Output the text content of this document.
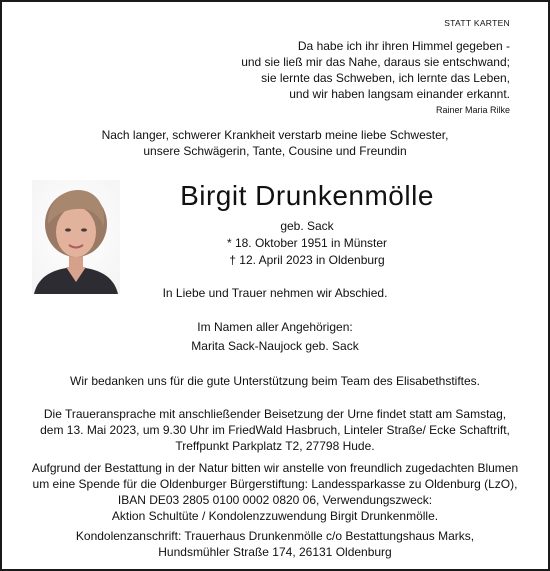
STATT KARTEN
Da habe ich ihr ihren Himmel gegeben -
und sie ließ mir das Nahe, daraus sie entschwand;
sie lernte das Schweben, ich lernte das Leben,
und wir haben langsam einander erkannt.
Rainer Maria Rilke
Nach langer, schwerer Krankheit verstarb meine liebe Schwester,
unsere Schwägerin, Tante, Cousine und Freundin
Birgit Drunkenmölle
geb. Sack
* 18. Oktober 1951 in Münster
† 12. April 2023 in Oldenburg
In Liebe und Trauer nehmen wir Abschied.
Im Namen aller Angehörigen:
Marita Sack-Naujock geb. Sack
Wir bedanken uns für die gute Unterstützung beim Team des Elisabethstiftes.
Die Traueransprache mit anschließender Beisetzung der Urne findet statt am Samstag,
dem 13. Mai 2023, um 9.30 Uhr im FriedWald Hasbruch, Linteler Straße/ Ecke Schaftrift,
Treffpunkt Parkplatz T2, 27798 Hude.
Aufgrund der Bestattung in der Natur bitten wir anstelle von freundlich zugedachten Blumen
um eine Spende für die Oldenburger Bürgerstiftung: Landessparkasse zu Oldenburg (LzO),
IBAN DE03 2805 0100 0002 0820 06, Verwendungszweck:
Aktion Schultüte / Kondolenzzuwendung Birgit Drunkenmölle.
Kondolenzanschrift: Trauerhaus Drunkenmölle c/o Bestattungshaus Marks,
Hundsmühler Straße 174, 26131 Oldenburg
